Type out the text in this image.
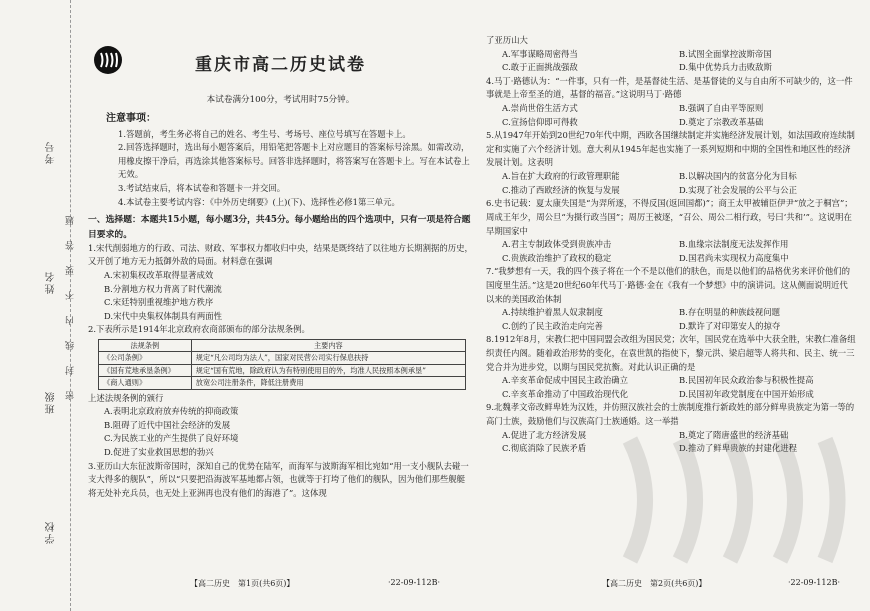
考号
姓名
班级
学校
密封线内不要答题
重庆市高二历史试卷
本试卷满分100分，考试用时75分钟。
注意事项：
1.答题前，考生务必将自己的姓名、考生号、考场号、座位号填写在答题卡上。
2.回答选择题时，选出每小题答案后，用铅笔把答题卡上对应题目的答案标号涂黑。如需改动，用橡皮擦干净后，再选涂其他答案标号。回答非选择题时，将答案写在答题卡上。写在本试卷上无效。
3.考试结束后，将本试卷和答题卡一并交回。
4.本试卷主要考试内容：《中外历史纲要》(上)(下)、选择性必修1第三单元。
一、选择题：本题共15小题，每小题3分，共45分。每小题给出的四个选项中，只有一项是符合题目要求的。

1.宋代削弱地方的行政、司法、财政、军事权力都收归中央，结果是既终结了以往地方长期割据的历史，又开创了地方无力抵御外敌的局面。材料意在强调

A.宋初集权改革取得显著成效

B.分割地方权力背离了时代潮流

C.宋廷特别重视维护地方秩序

D.宋代中央集权体制具有两面性

2.下表所示是1914年北京政府农商部颁布的部分法规条例。

法规条例	主要内容
《公司条例》	规定“凡公司均为法人”，国家对民营公司实行保息扶持
《国有荒地承垦条例》	规定“国有荒地，除政府认为有特别使用目的外，均准人民按照本例承垦”
《商人通则》	放宽公司注册条件，降低注册费用

上述法规条例的颁行

A.表明北京政府放弃传统的抑商政策

B.阻碍了近代中国社会经济的发展

C.为民族工业的产生提供了良好环境

D.促进了实业救国思想的勃兴

3.亚历山大东征波斯帝国时，深知自己的优势在陆军，而海军与波斯海军相比宛如“用一支小舰队去碰一支大得多的舰队”，所以“只要把沿海波军基地都占领，也就等于打垮了他们的舰队，因为他们那些舰艇将无处补充兵员，也无处上亚洲再也没有他们的海港了”。这体现

了亚历山大

A.军事谋略周密得当	B.试图全面掌控波斯帝国
C.敢于正面挑战强敌	D.集中优势兵力击败敌斯

4.马丁·路德认为：“一件事，只有一件，是基督徒生活、是基督徒的义与自由所不可缺少的，这一件事就是上帝至圣的道，基督的福音。”这说明马丁·路德

A.崇尚世俗生活方式	B.强调了自由平等原则
C.宣扬信仰即可得救	D.奠定了宗教改革基础

5.从1947年开始到20世纪70年代中期，西欧各国继续制定并实施经济发展计划，如法国政府连续制定和实施了六个经济计划。意大利从1945年起也实施了一系列短期和中期的全国性和地区性的经济发展计划。这表明

A.旨在扩大政府的行政管理职能	B.以解决国内的贫富分化为目标
C.推动了西欧经济的恢复与发展	D.实现了社会发展的公平与公正

6.史书记载：夏太康失国是“为羿所逐，不得反国(返回国都)”；商王太甲被辅臣伊尹“放之于桐宫”；周成王年少，周公旦“为摄行政当国”；周厉王被逐，“召公、周公二相行政，号曰‘共和’”。这说明在早期国家中

A.君主专制政体受到贵族冲击	B.血缘宗法制度无法发挥作用
C.贵族政治维护了政权的稳定	D.国君尚未实现权力高度集中

7.“我梦想有一天，我的四个孩子将在一个不是以他们的肤色，而是以他们的品格优劣来评价他们的国度里生活。”这是20世纪60年代马丁·路德·金在《我有一个梦想》中的演讲词。这从侧面说明近代以来的美国政治体制

A.持续维护着黑人奴隶制度	B.存在明显的种族歧视问题
C.创约了民主政治走向完善	D.默许了对印第安人的掠夺

8.1912年8月，宋教仁把中国同盟会改组为国民党；次年，国民党在选举中大获全胜，宋教仁准备组织责任内阁。随着政治形势的变化，在袁世凯的指使下，黎元洪、梁启超等人将共和、民主、统一三党合并为进步党，以期与国民党抗衡。对此认识正确的是

A.辛亥革命促成中国民主政治确立	B.民国初年民众政治参与积极性提高
C.辛亥革命推动了中国政治现代化	D.民国初年政党制度在中国开始形成

9.北魏孝文帝改鲜卑姓为汉姓，并仿照汉族社会的士族制度推行新政姓的部分鲜卑贵族定为第一等的高门士族，鼓励他们与汉族高门士族通婚。这一举措

A.促进了北方经济发展	B.奠定了隋唐盛世的经济基础
C.彻底消除了民族矛盾	D.推动了鲜卑贵族的封建化进程
【高二历史　第1页(共6页)】	·22-09-112B·	【高二历史　第2页(共6页)】	·22-09-112B·
